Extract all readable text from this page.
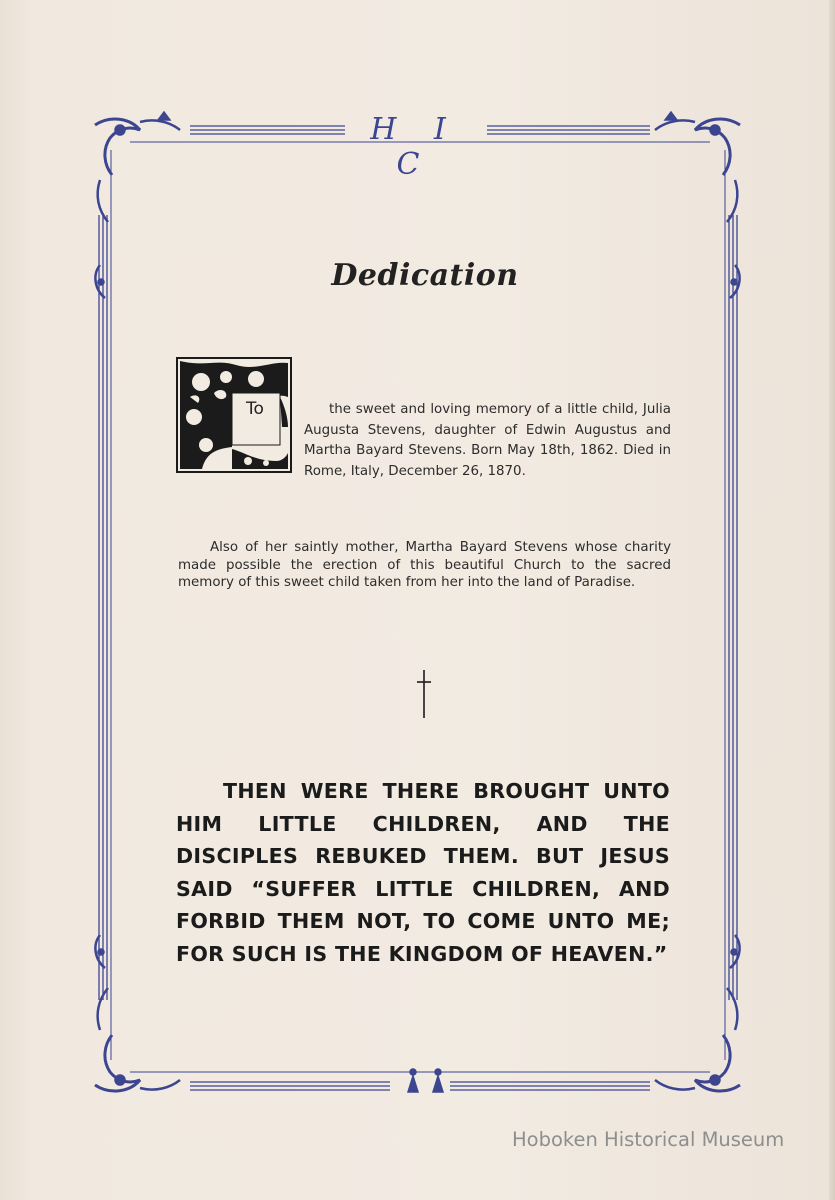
H I C
Dedication
To	the sweet and loving memory of a little child, Julia Augusta Stevens, daughter of Edwin Augustus and Martha Bayard Stevens. Born May 18th, 1862. Died in Rome, Italy, December 26, 1870.
Also of her saintly mother, Martha Bayard Stevens whose charity made possible the erection of this beautiful Church to the sacred memory of this sweet child taken from her into the land of Paradise.
THEN WERE THERE BROUGHT UNTO HIM LITTLE CHILDREN, AND THE DISCIPLES REBUKED THEM. BUT JESUS SAID “SUFFER LITTLE CHILDREN, AND FORBID THEM NOT, TO COME UNTO ME; FOR SUCH IS THE KINGDOM OF HEAVEN.”
Hoboken Historical Museum
